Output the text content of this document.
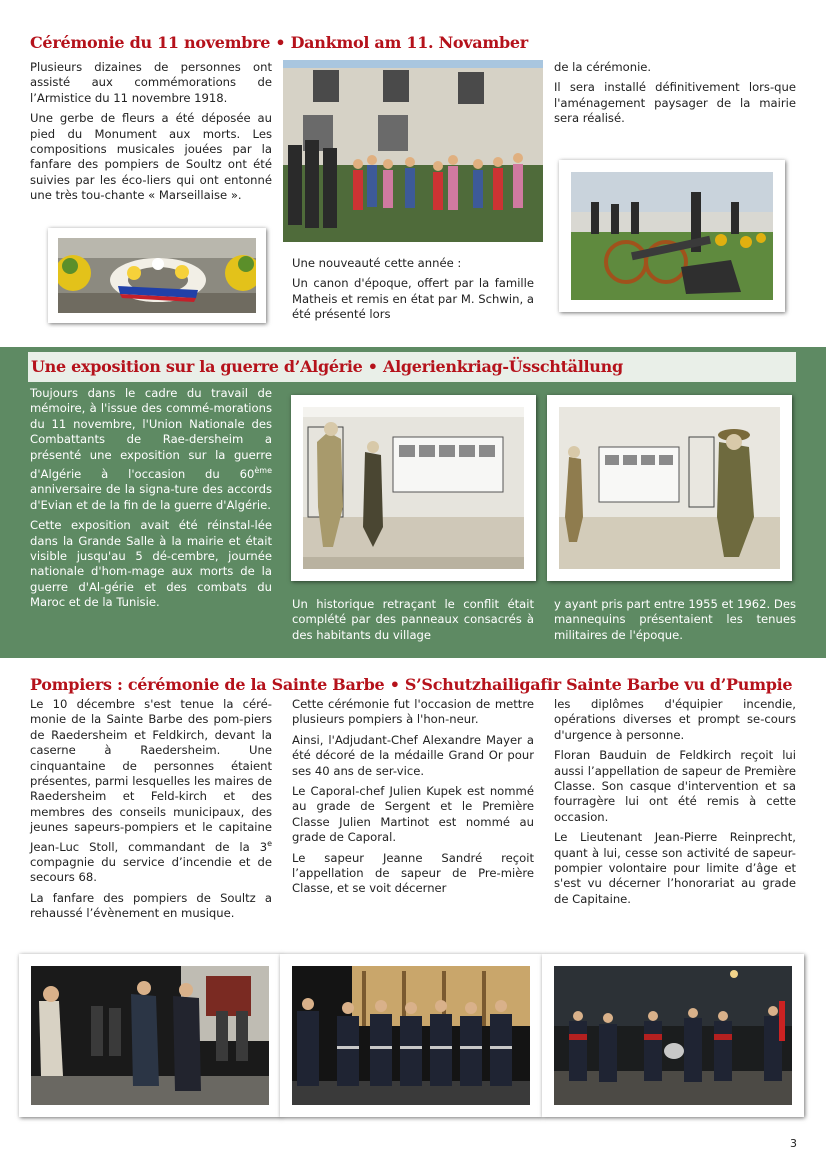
Cérémonie du 11 novembre • Dankmol am 11. Novamber

Plusieurs dizaines de personnes ont assisté aux commémorations de l’Armistice du 11 novembre 1918.

Une gerbe de fleurs a été déposée au pied du Monument aux morts. Les compositions musicales jouées par la fanfare des pompiers de Soultz ont été suivies par les éco-liers qui ont entonné une très tou-chante « Marseillaise ».

Une nouveauté cette année :

Un canon d'époque, offert par la famille Matheis et remis en état par M. Schwin, a été présenté lors

de la cérémonie.

Il sera installé définitivement lors-que l'aménagement paysager de la mairie sera réalisé.

Une exposition sur la guerre d’Algérie • Algerienkriag-Üsschtällung

Toujours dans le cadre du travail de mémoire, à l'issue des commé-morations du 11 novembre, l'Union Nationale des Combattants de Rae-dersheim a présenté une exposition sur la guerre d'Algérie à l'occasion du 60ème anniversaire de la signa-ture des accords d'Evian et de la fin de la guerre d'Algérie.

Cette exposition avait été réinstal-lée dans la Grande Salle à la mairie et était visible jusqu'au 5 dé-cembre, journée nationale d'hom-mage aux morts de la guerre d'Al-gérie et des combats du Maroc et de la Tunisie.	Un historique retraçant le conflit était complété par des panneaux consacrés à des habitants du village
y ayant pris part entre 1955 et 1962. Des mannequins présentaient les tenues militaires de l'époque.
Pompiers : cérémonie de la Sainte Barbe • S’Schutzhailigafir Sainte Barbe vu d’Pumpie

Le 10 décembre s'est tenue la céré-monie de la Sainte Barbe des pom-piers de Raedersheim et Feldkirch, devant la caserne à Raedersheim. Une cinquantaine de personnes étaient présentes, parmi lesquelles les maires de Raedersheim et Feld-kirch et des membres des conseils municipaux, des jeunes sapeurs-pompiers et le capitaine Jean-Luc Stoll, commandant de la 3e compagnie du service d’incendie et de secours 68.

La fanfare des pompiers de Soultz a rehaussé l’évènement en musique.

Cette cérémonie fut l'occasion de mettre plusieurs pompiers à l'hon-neur.

Ainsi, l'Adjudant-Chef Alexandre Mayer a été décoré de la médaille Grand Or pour ses 40 ans de ser-vice.

Le Caporal-chef Julien Kupek est nommé au grade de Sergent et le Première Classe Julien Martinot est nommé au grade de Caporal.

Le sapeur Jeanne Sandré reçoit l’appellation de sapeur de Pre-mière Classe, et se voit décerner

les diplômes d'équipier incendie, opérations diverses et prompt se-cours d'urgence à personne.

Floran Bauduin de Feldkirch reçoit lui aussi l’appellation de sapeur de Première Classe. Son casque d'intervention et sa fourragère lui ont été remis à cette occasion.

Le Lieutenant Jean-Pierre Reinprecht, quant à lui, cesse son activité de sapeur-pompier volontaire pour limite d’âge et s'est vu décerner l’honorariat au grade de Capitaine.

3
